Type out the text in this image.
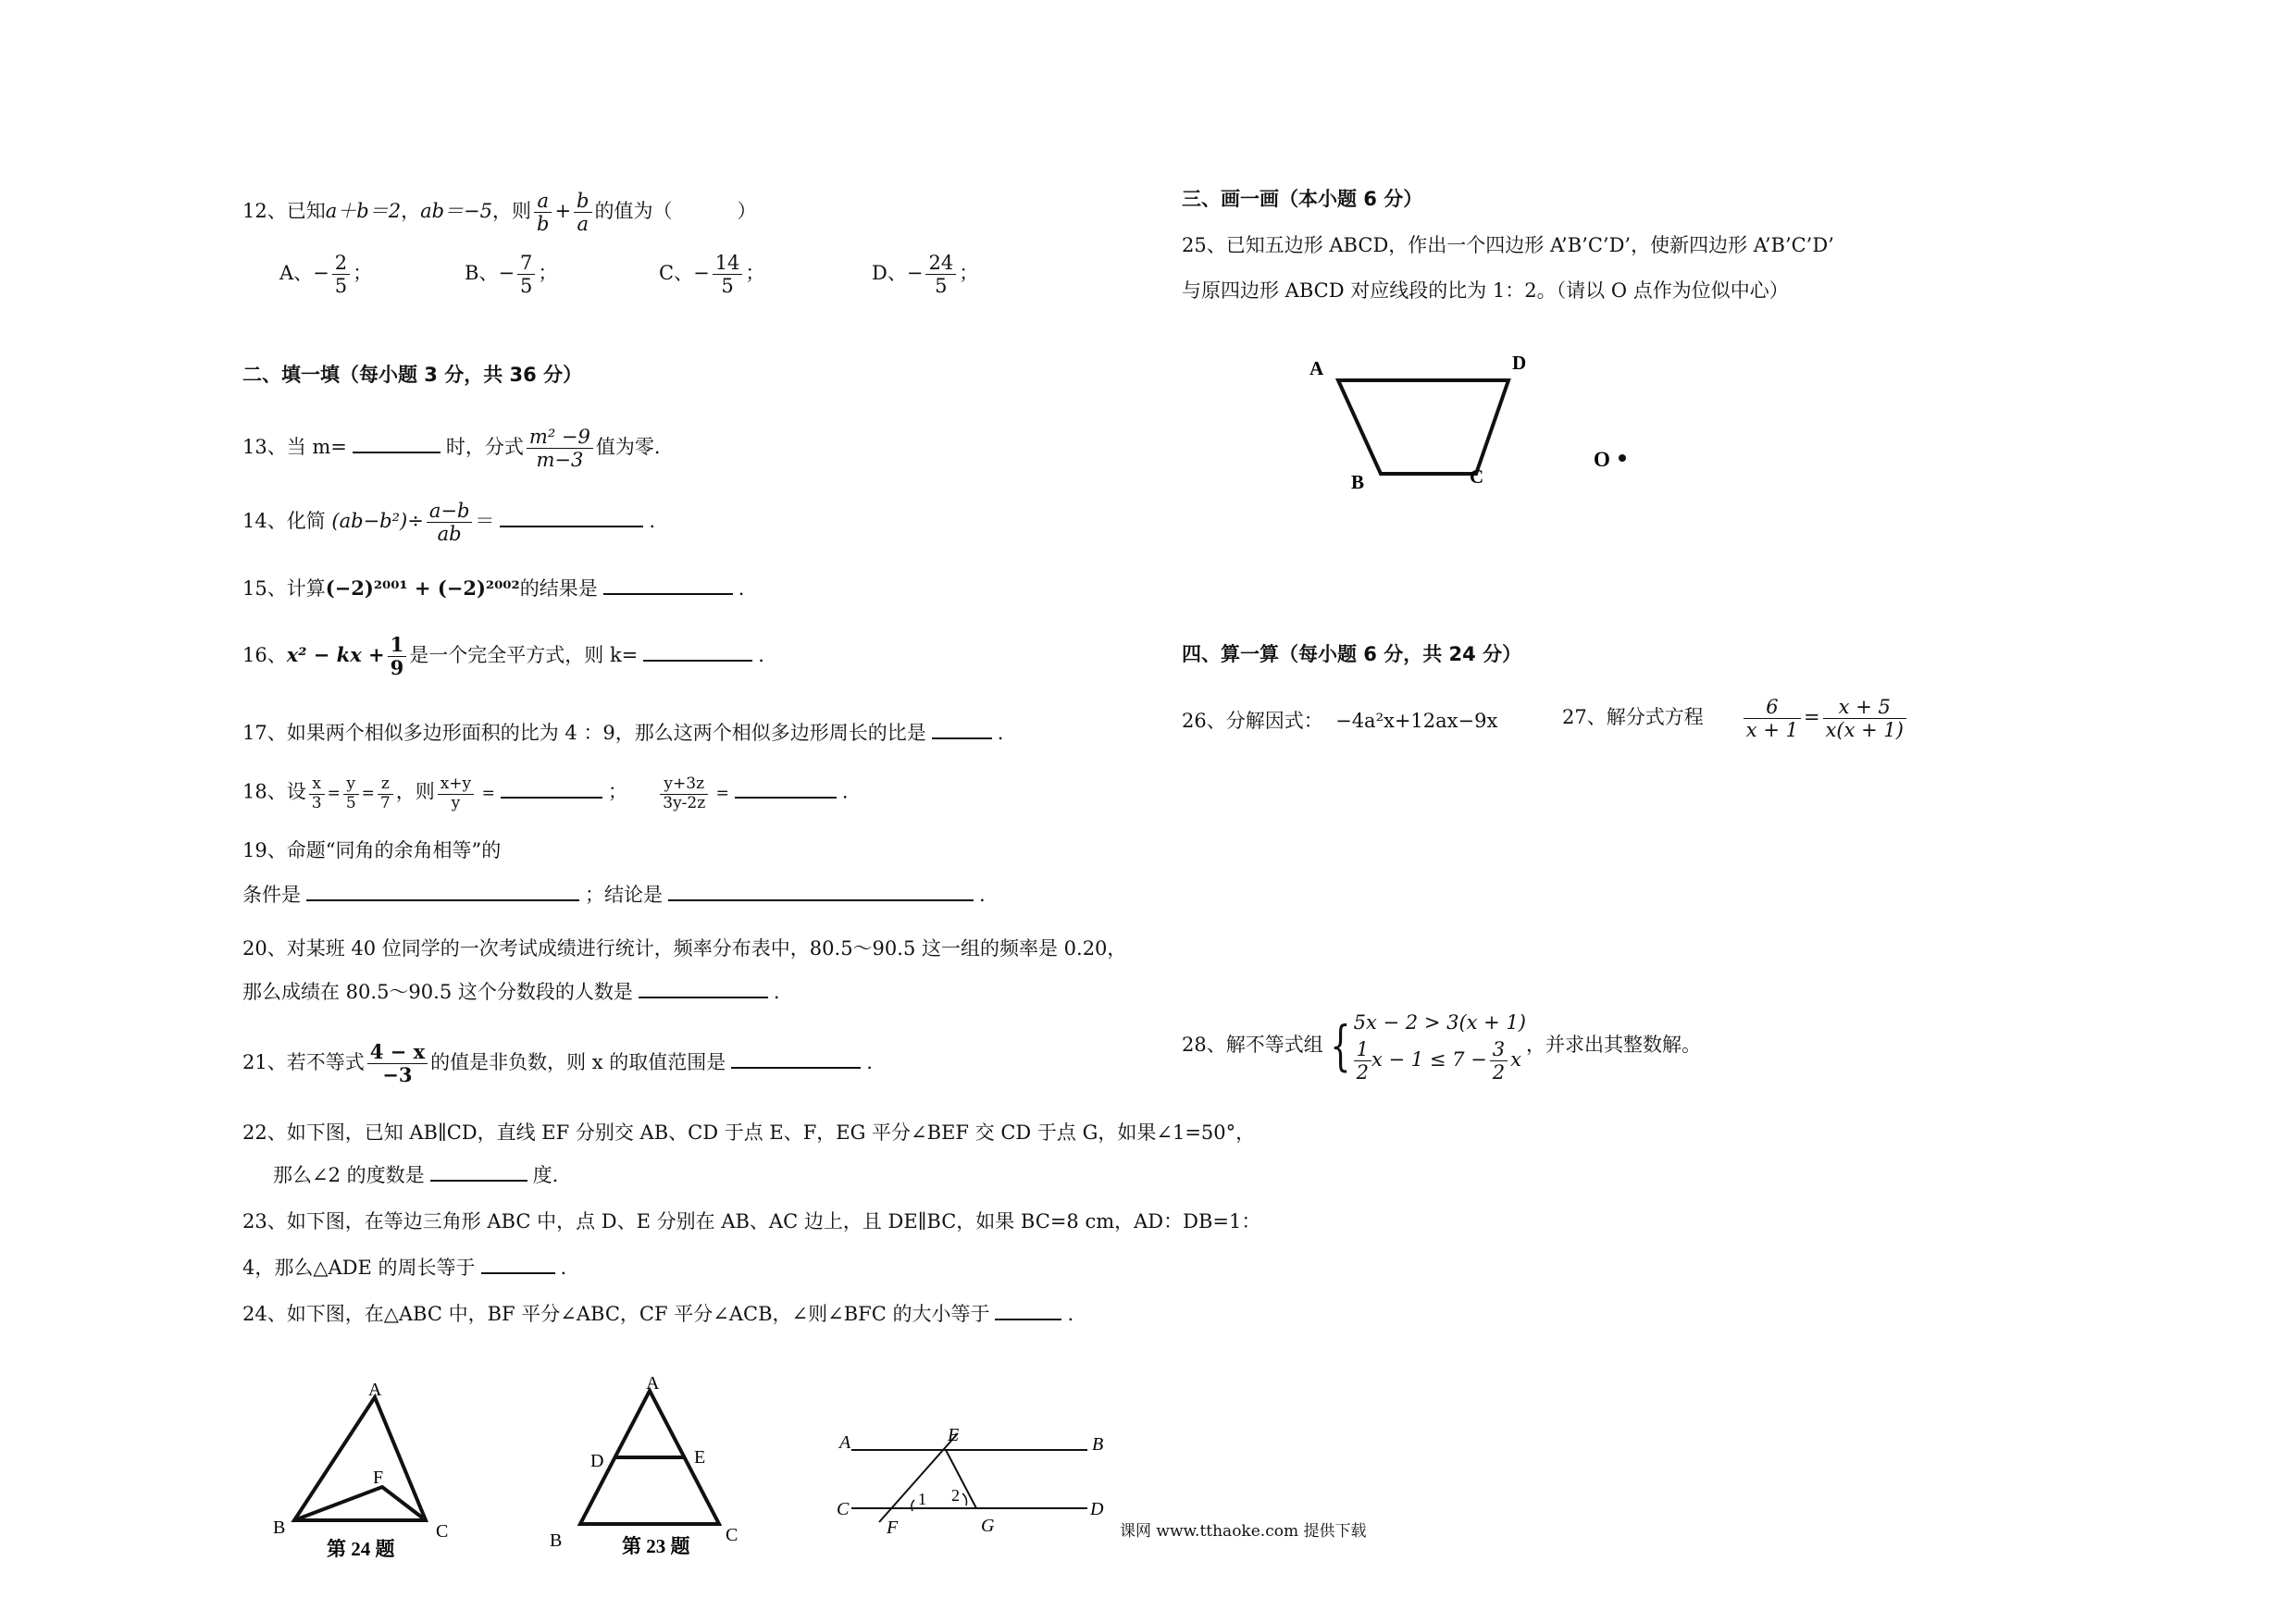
12、已知a＋b＝2，ab＝−5，则 $\frac{a}{b} + \frac{b}{a}$ 的值为（	）
A、− $\frac{2}{5}$ ；	B、− $\frac{7}{5}$ ；	C、− $\frac{14}{5}$ ；	D、− $\frac{24}{5}$ ；
二、填一填（每小题 3 分，共 36 分）
13、当 m=	时，分式 $\frac{\text{m² −9}}{m-3}$ 值为零.
14、化简 $(ab-b^2)\div \frac{a-b}{ab}$ ＝	.
15、计算(−2)²⁰⁰¹ + (−2)²⁰⁰²的结果是	.
16、x² − kx + $\frac{1}{9}$ 是一个完全平方式，则 k=	.
17、如果两个相似多边形面积的比为 4 ：9，那么这两个相似多边形周长的比是	.
18、设 $\frac{x}{3} = \frac{y}{5} = \frac{z}{7}$ ，则 $\frac{x+y}{y}$ =	； $\frac{y+3z}{3y-2z}$ =	.
19、命题“同角的余角相等”的
条件是	；结论是	.
20、对某班 40 位同学的一次考试成绩进行统计，频率分布表中，80.5～90.5 这一组的频率是 0.20，
那么成绩在 80.5～90.5 这个分数段的人数是	.
21、若不等式 $\frac{4 - x}{-3}$ 的值是非负数，则 x 的取值范围是	.
22、如下图，已知 AB∥CD，直线 EF 分别交 AB、CD 于点 E、F，EG 平分∠BEF 交 CD 于点 G，如果∠1=50°，
那么∠2 的度数是	度.
23、如下图，在等边三角形 ABC 中，点 D、E 分别在 AB、AC 边上，且 DE∥BC，如果 BC=8 cm，AD：DB=1：
4，那么△ADE 的周长等于	.
24、如下图，在△ABC 中，BF 平分∠ABC，CF 平分∠ACB，∠则∠BFC 的大小等于	.
A
B	C
F
第 24 题
A
D	E
B	C
第 23 题
A	E	B
C	D
F	G
1 2
三、画一画（本小题 6 分）
25、已知五边形 ABCD，作出一个四边形 A’B’C’D’，使新四边形 A’B’C’D’
与原四边形 ABCD 对应线段的比为 1：2。（请以 O 点作为位似中心）
A	D
B	C
O
四、算一算（每小题 6 分，共 24 分）
26、分解因式： −4a²x+12ax−9x	27、解分式方程 $\frac{6}{x + 1} = \frac{x + 5}{x(x + 1)}$
28、解不等式组 { 5x − 2 > 3(x + 1)
$\frac{1}{2}$ $x - 1 \le 7 - \frac{3}{2}$ x
，并求出其整数解。
课网 www.tthaoke.com 提供下载
